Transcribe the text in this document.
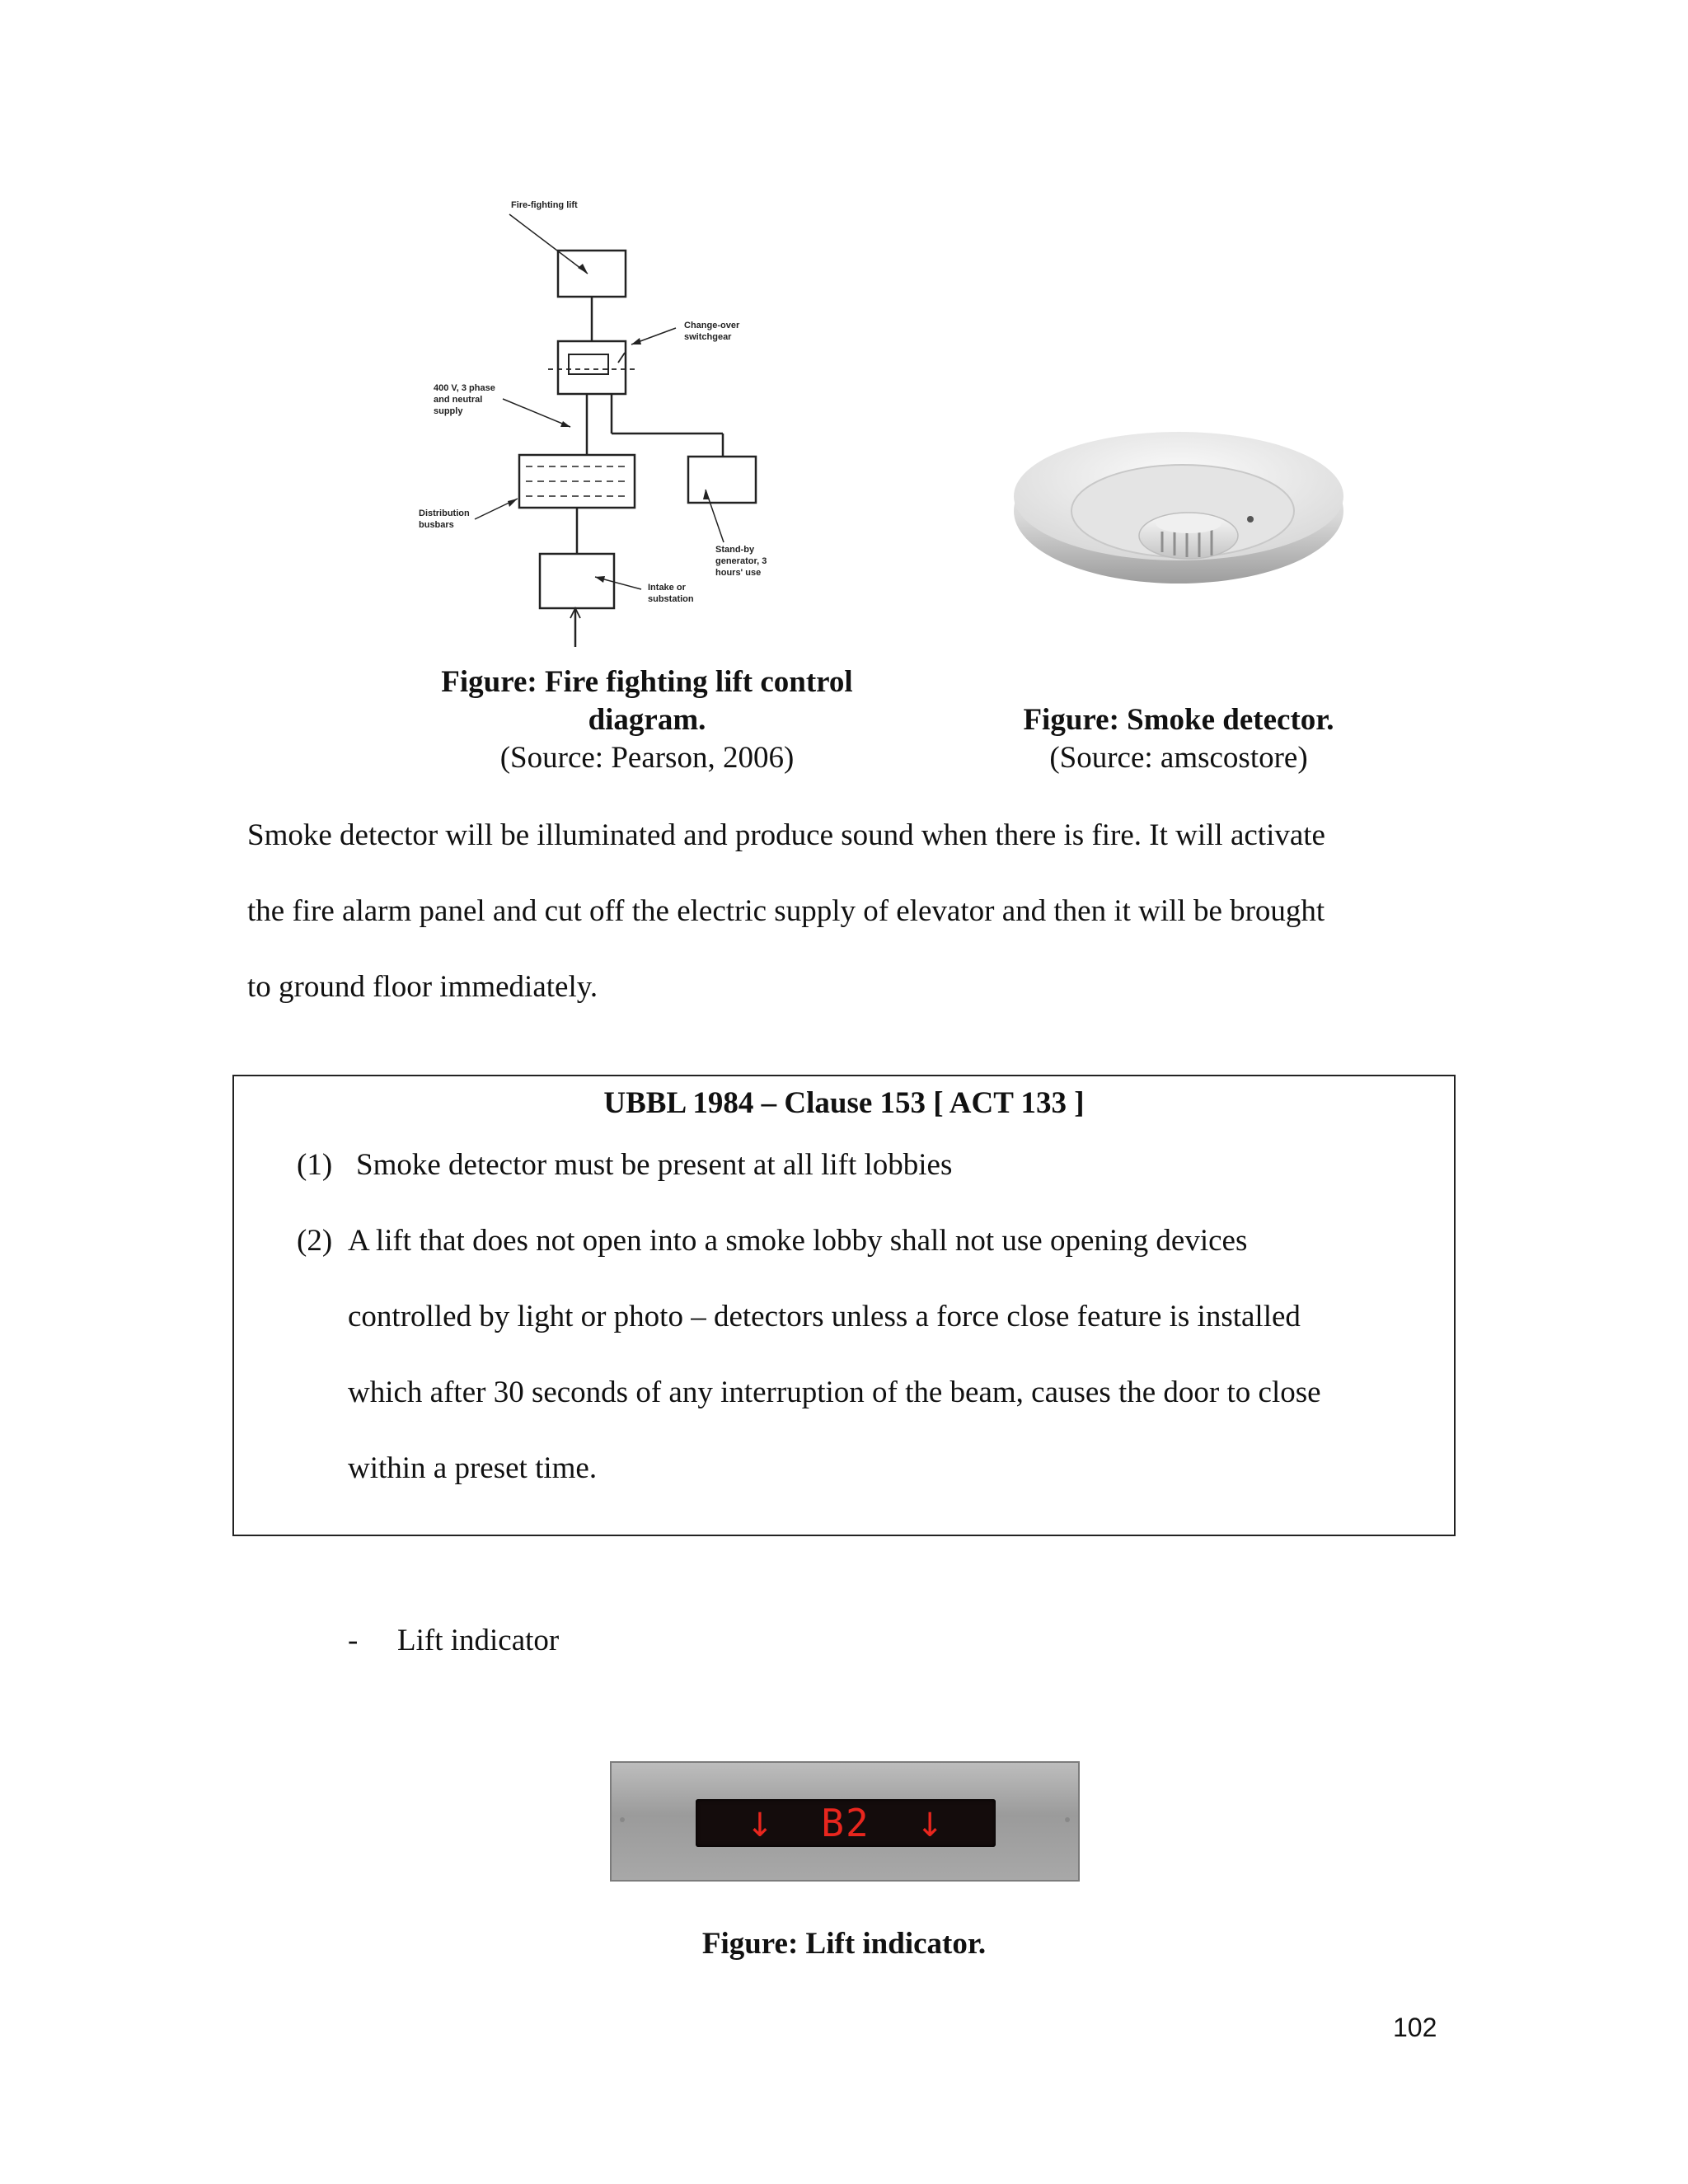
Fire-fighting lift
Change-over switchgear
400 V, 3 phase and neutral supply
Distribution busbars
Stand-by generator, 3 hours' use
Intake or substation
Figure: Fire fighting lift control
diagram.
(Source: Pearson, 2006)
Figure: Smoke detector.
(Source: amscostore)
Smoke detector will be illuminated and produce sound when there is fire. It will activate
the fire alarm panel and cut off the electric supply of elevator and then it will be brought
to ground floor immediately.
UBBL 1984 – Clause 153 [ ACT 133 ]
(1) Smoke detector must be present at all lift lobbies
(2) A lift that does not open into a smoke lobby shall not use opening devices
controlled by light or photo – detectors unless a force close feature is installed
which after 30 seconds of any interruption of the beam, causes the door to close
within a preset time.
- Lift indicator
↓ B2 ↓
Figure: Lift indicator.
102
